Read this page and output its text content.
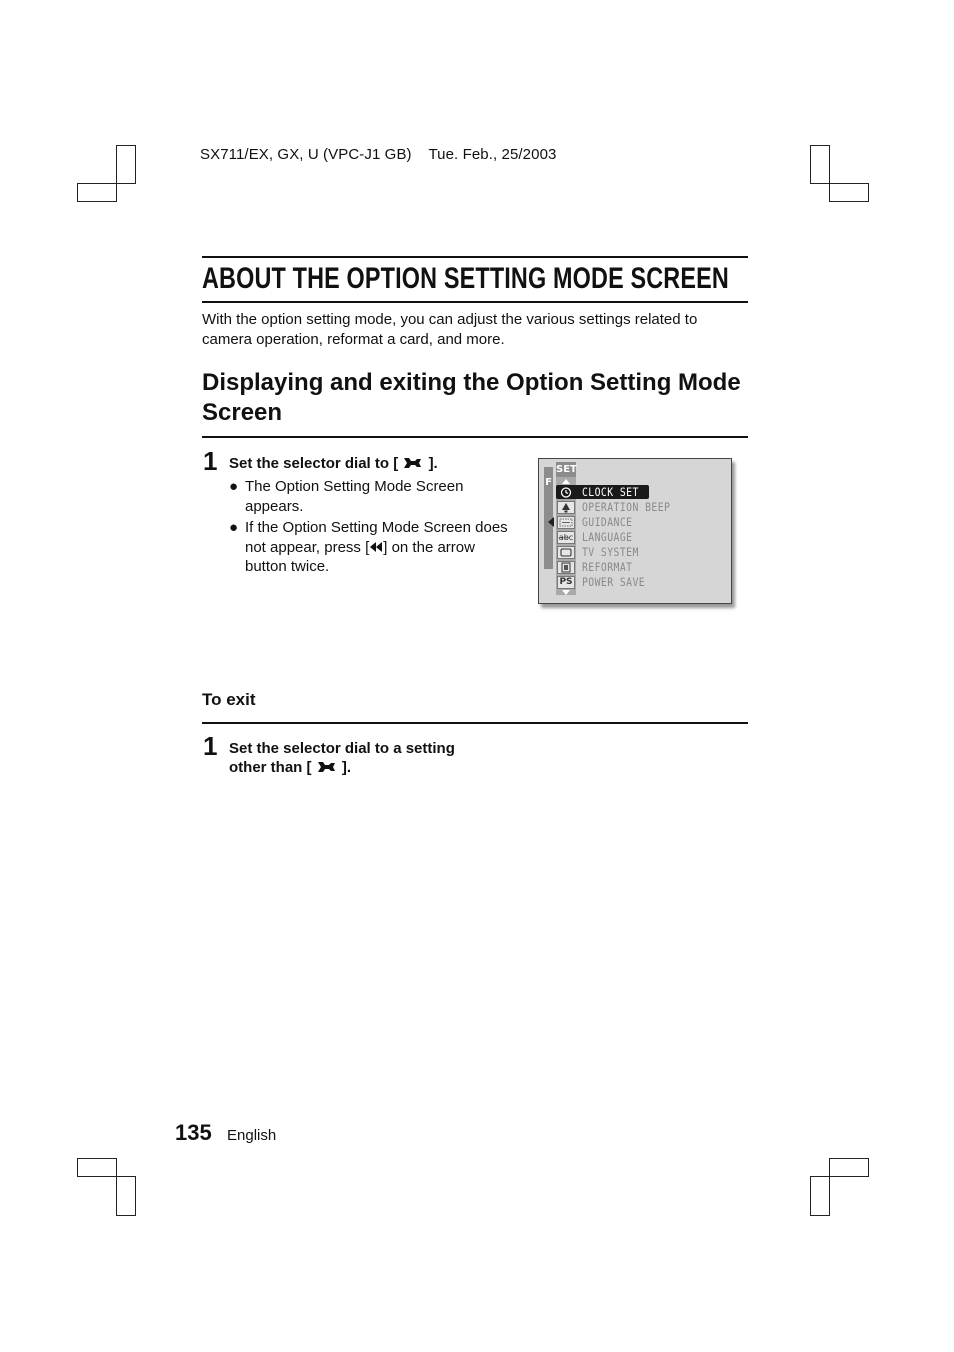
SX711/EX, GX, U (VPC-J1 GB)    Tue. Feb., 25/2003
ABOUT THE OPTION SETTING MODE SCREEN
With the option setting mode, you can adjust the various settings related to camera operation, reformat a card, and more.
Displaying and exiting the Option Setting Mode Screen
1 Set the selector dial to [ ].
● The Option Setting Mode Screen appears.
● If the Option Setting Mode Screen does not appear, press [ ] on the arrow button twice.
F
SET
CLOCK SET
OPERATION BEEP
GUIDANCE
a̶b̶c LANGUAGE
TV SYSTEM
REFORMAT
PS POWER SAVE
To exit
1 Set the selector dial to a setting
other than [ ].
135 English
